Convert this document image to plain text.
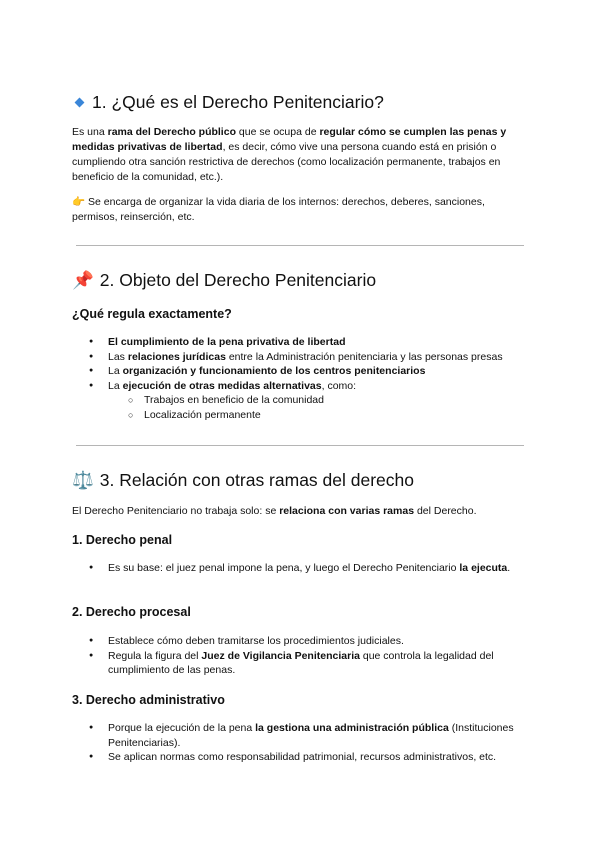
1. ¿Qué es el Derecho Penitenciario?

Es una rama del Derecho público que se ocupa de regular cómo se cumplen las penas y medidas privativas de libertad, es decir, cómo vive una persona cuando está en prisión o cumpliendo otra sanción restrictiva de derechos (como localización permanente, trabajos en beneficio de la comunidad, etc.).

👉 Se encarga de organizar la vida diaria de los internos: derechos, deberes, sanciones, permisos, reinserción, etc.

📌 2. Objeto del Derecho Penitenciario
¿Qué regula exactamente?
● El cumplimiento de la pena privativa de libertad
● Las relaciones jurídicas entre la Administración penitenciaria y las personas presas
● La organización y funcionamiento de los centros penitenciarios
● La ejecución de otras medidas alternativas, como:
○ Trabajos en beneficio de la comunidad
○ Localización permanente
⚖️ 3. Relación con otras ramas del derecho

El Derecho Penitenciario no trabaja solo: se relaciona con varias ramas del Derecho.

1. Derecho penal
● Es su base: el juez penal impone la pena, y luego el Derecho Penitenciario la ejecuta.
2. Derecho procesal
● Establece cómo deben tramitarse los procedimientos judiciales.
● Regula la figura del Juez de Vigilancia Penitenciaria que controla la legalidad del cumplimiento de las penas.
3. Derecho administrativo
● Porque la ejecución de la pena la gestiona una administración pública (Instituciones Penitenciarias).
● Se aplican normas como responsabilidad patrimonial, recursos administrativos, etc.
